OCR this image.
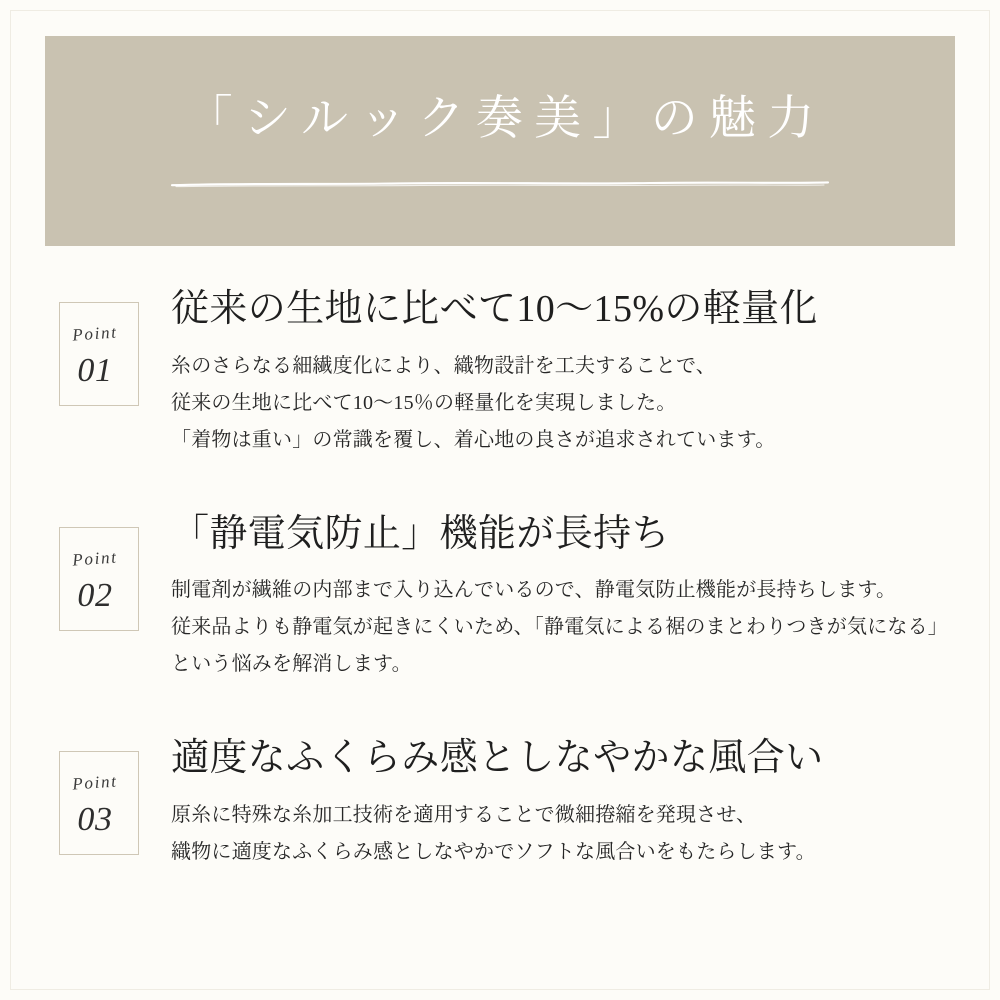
「シルック奏美」の魅力
Point
01
従来の生地に比べて10〜15%の軽量化
糸のさらなる細繊度化により、織物設計を工夫することで、
従来の生地に比べて10〜15％の軽量化を実現しました。
「着物は重い」の常識を覆し、着心地の良さが追求されています。
Point
02
「静電気防止」機能が長持ち
制電剤が繊維の内部まで入り込んでいるので、静電気防止機能が長持ちします。
従来品よりも静電気が起きにくいため、「静電気による裾のまとわりつきが気になる」
という悩みを解消します。
Point
03
適度なふくらみ感としなやかな風合い
原糸に特殊な糸加工技術を適用することで微細捲縮を発現させ、
織物に適度なふくらみ感としなやかでソフトな風合いをもたらします。
